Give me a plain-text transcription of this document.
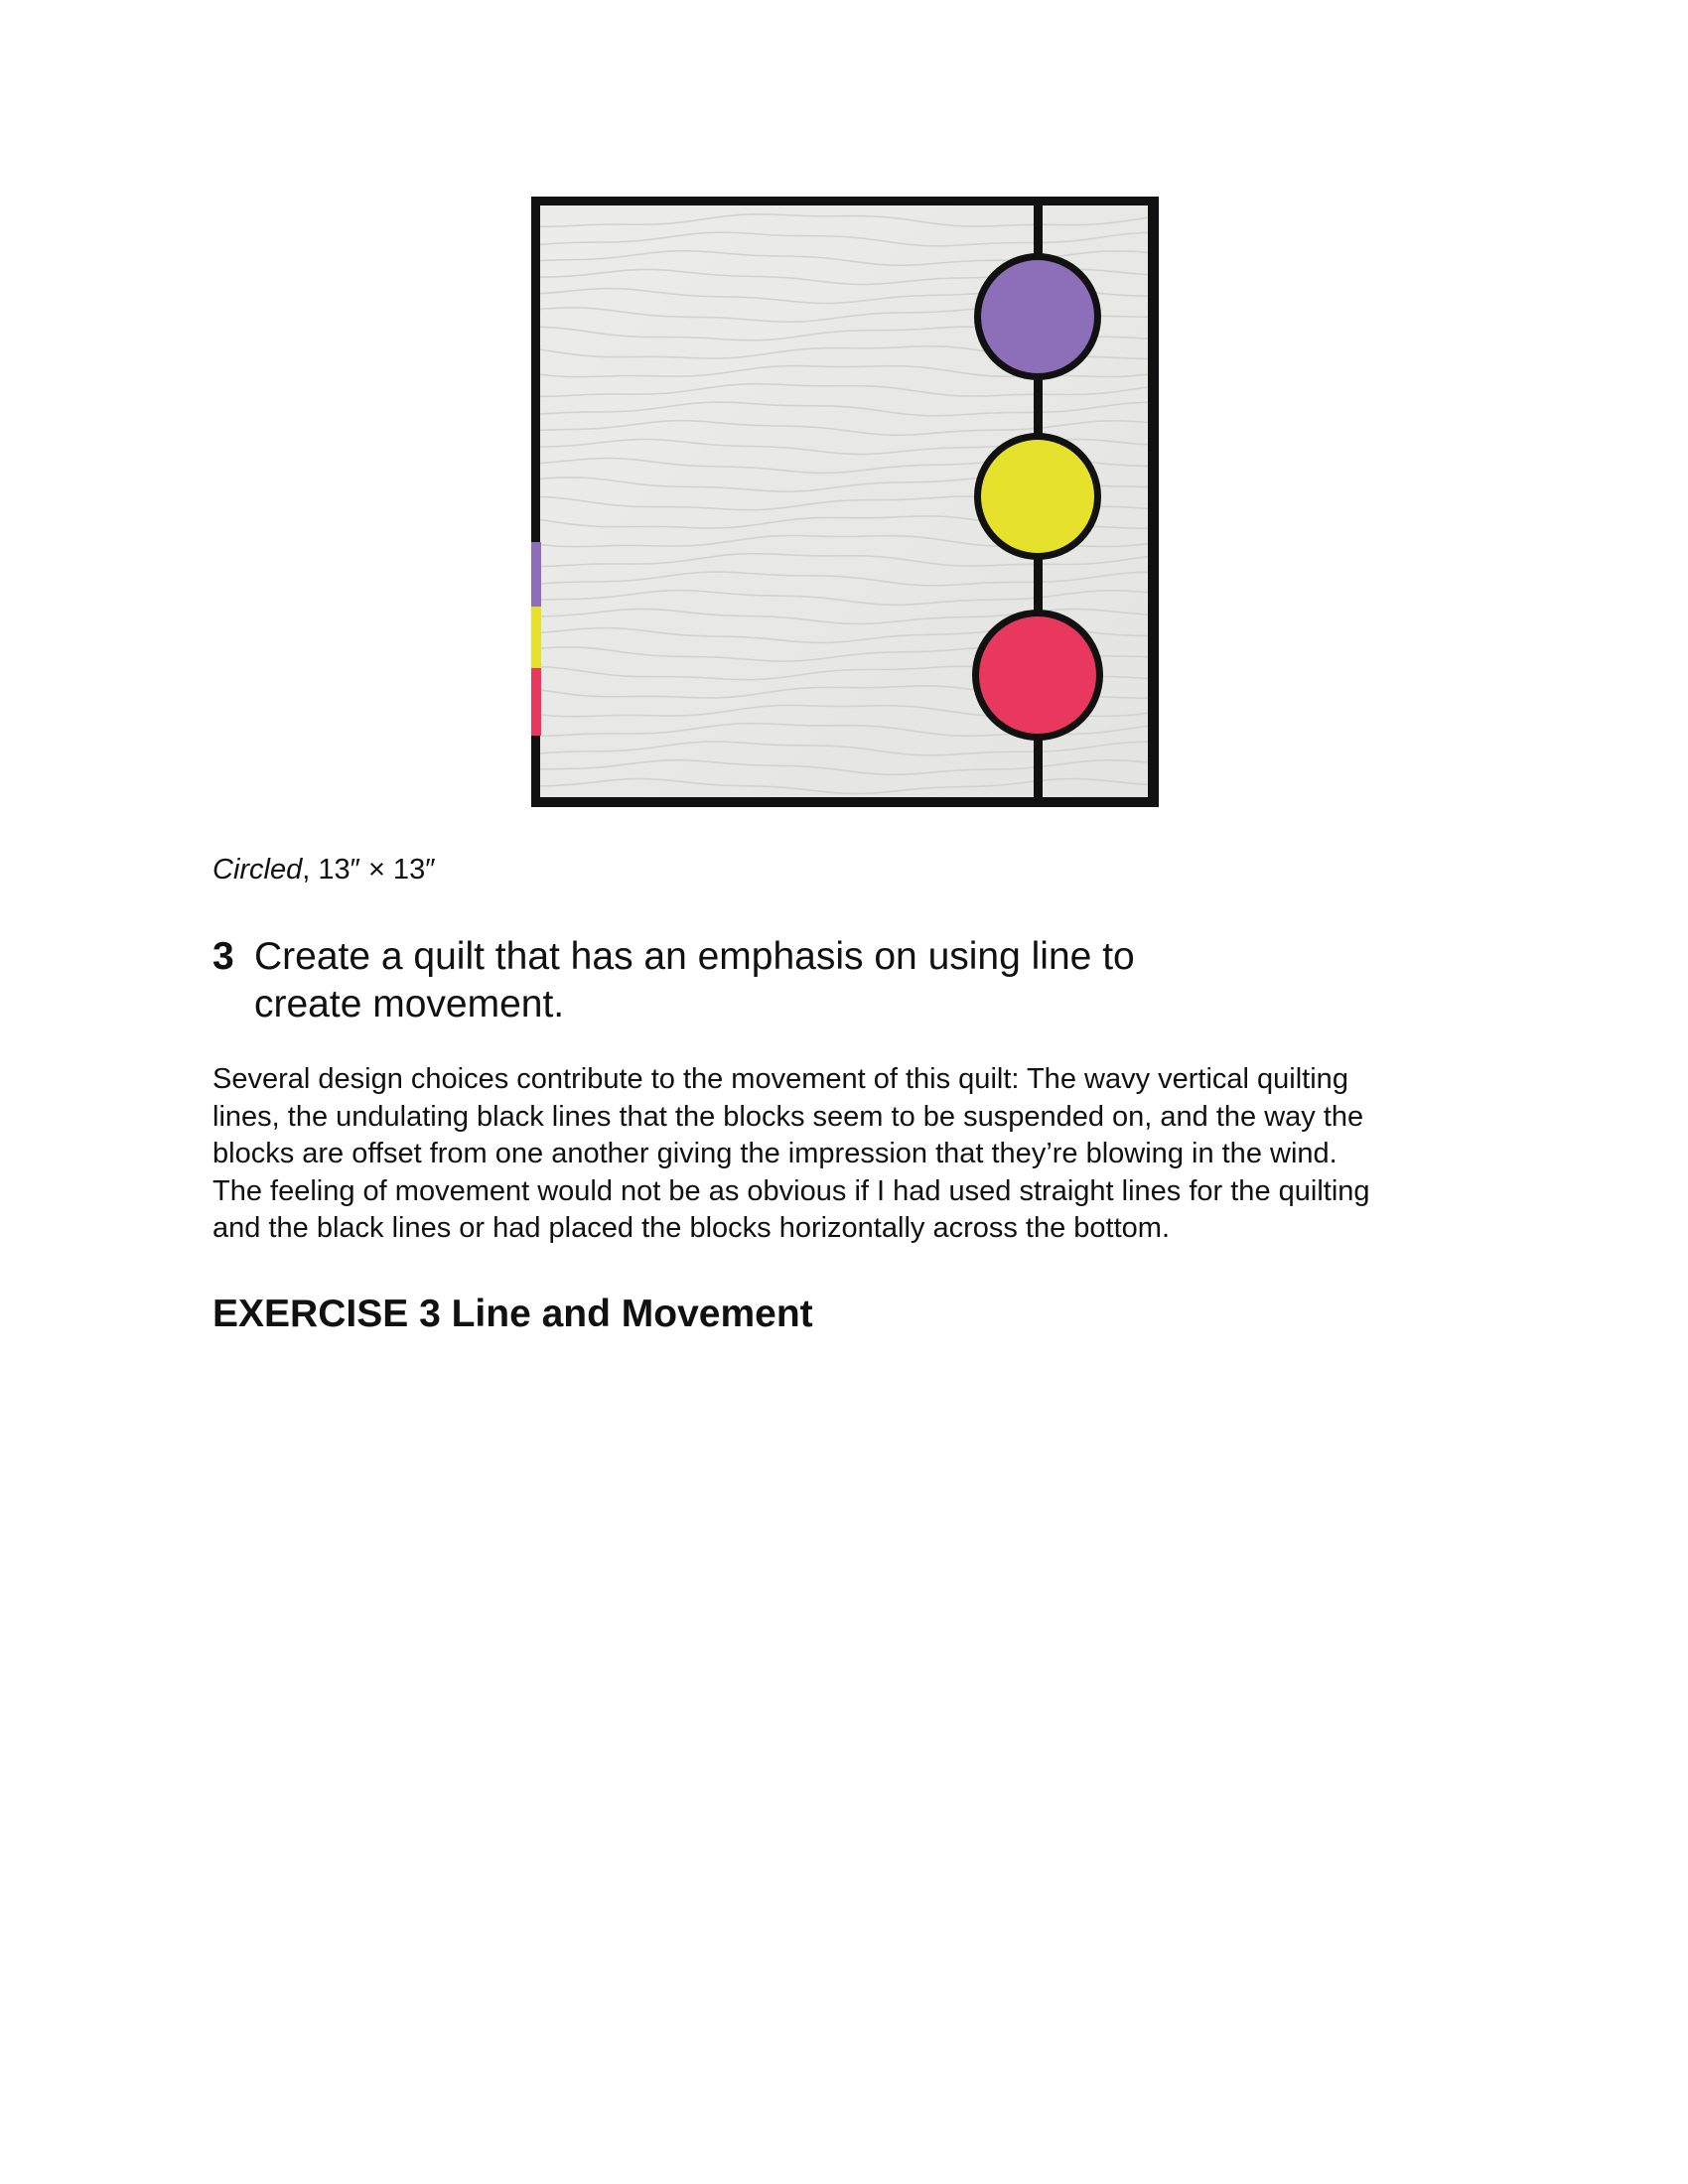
Circled, 13″ × 13″
3 Create a quilt that has an emphasis on using line to create movement.

Several design choices contribute to the movement of this quilt: The wavy vertical quilting

lines, the undulating black lines that the blocks seem to be suspended on, and the way the

blocks are offset from one another giving the impression that they’re blowing in the wind.

The feeling of movement would not be as obvious if I had used straight lines for the quilting

and the black lines or had placed the blocks horizontally across the bottom.

EXERCISE 3 Line and Movement
